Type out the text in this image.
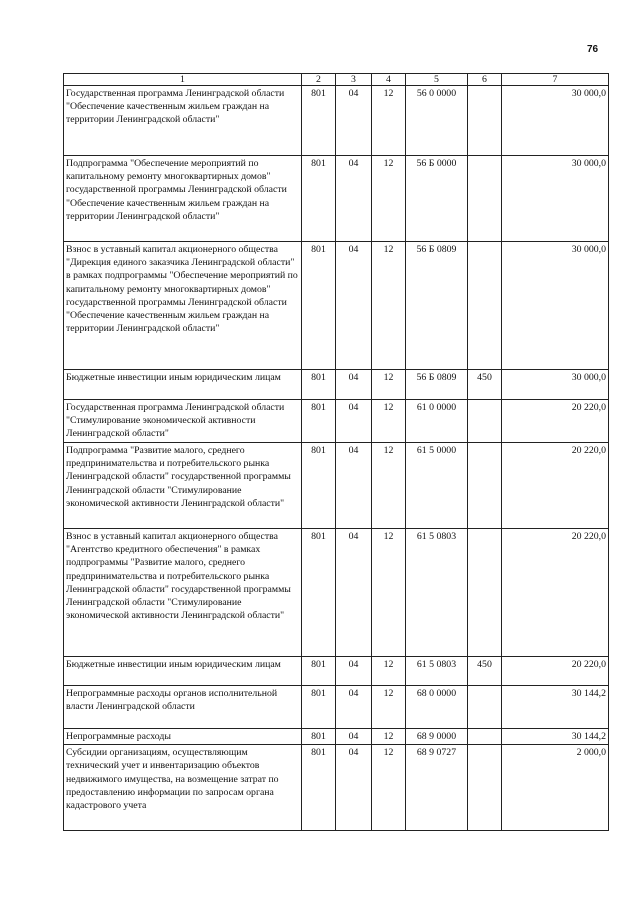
76
1	2	3	4	5	6	7
Государственная программа Ленинградской области "Обеспечение качественным жильем граждан на территории Ленинградской области"	801	04	12	56 0 0000		30 000,0
Подпрограмма "Обеспечение мероприятий по капитальному ремонту многоквартирных домов" государственной программы Ленинградской области "Обеспечение качественным жильем граждан на территории Ленинградской области"	801	04	12	56 Б 0000		30 000,0
Взнос в уставный капитал акционерного общества "Дирекция единого заказчика Ленинградской области" в рамках подпрограммы "Обеспечение мероприятий по капитальному ремонту многоквартирных домов" государственной программы Ленинградской области "Обеспечение качественным жильем граждан на территории Ленинградской области"	801	04	12	56 Б 0809		30 000,0
Бюджетные инвестиции иным юридическим лицам	801	04	12	56 Б 0809	450	30 000,0
Государственная программа Ленинградской области "Стимулирование экономической активности Ленинградской области"	801	04	12	61 0 0000		20 220,0
Подпрограмма "Развитие малого, среднего предпринимательства и потребительского рынка Ленинградской области" государственной программы Ленинградской области "Стимулирование экономической активности Ленинградской области"	801	04	12	61 5 0000		20 220,0
Взнос в уставный капитал акционерного общества "Агентство кредитного обеспечения" в рамках подпрограммы "Развитие малого, среднего предпринимательства и потребительского рынка Ленинградской области" государственной программы Ленинградской области "Стимулирование экономической активности Ленинградской области"	801	04	12	61 5 0803		20 220,0
Бюджетные инвестиции иным юридическим лицам	801	04	12	61 5 0803	450	20 220,0
Непрограммные расходы органов исполнительной власти Ленинградской области	801	04	12	68 0 0000		30 144,2
Непрограммные расходы	801	04	12	68 9 0000		30 144,2
Субсидии организациям, осуществляющим технический учет и инвентаризацию объектов недвижимого имущества, на возмещение затрат по предоставлению информации по запросам органа кадастрового учета	801	04	12	68 9 0727		2 000,0
